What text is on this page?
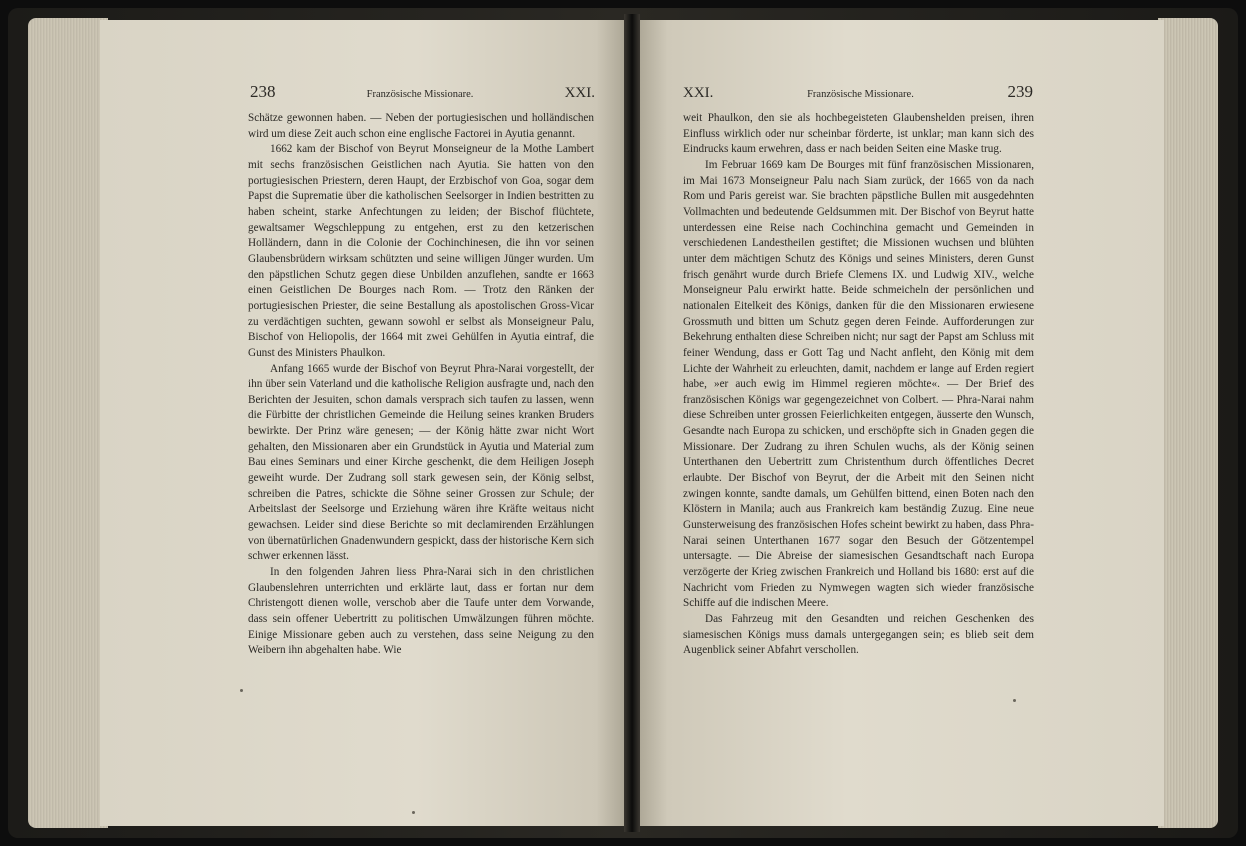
238	Französische Missionare.	XXI.

Schätze gewonnen haben. — Neben der portugiesischen und holländischen wird um diese Zeit auch schon eine englische Factorei in Ayutia genannt.

1662 kam der Bischof von Beyrut Monseigneur de la Mothe Lambert mit sechs französischen Geistlichen nach Ayutia. Sie hatten von den portugiesischen Priestern, deren Haupt, der Erzbischof von Goa, sogar dem Papst die Suprematie über die katholischen Seelsorger in Indien bestritten zu haben scheint, starke Anfechtungen zu leiden; der Bischof flüchtete, gewaltsamer Wegschleppung zu entgehen, erst zu den ketzerischen Holländern, dann in die Colonie der Cochinchinesen, die ihn vor seinen Glaubensbrüdern wirksam schützten und seine willigen Jünger wurden. Um den päpstlichen Schutz gegen diese Unbilden anzuflehen, sandte er 1663 einen Geistlichen De Bourges nach Rom. — Trotz den Ränken der portugiesischen Priester, die seine Bestallung als apostolischen Gross-Vicar zu verdächtigen suchten, gewann sowohl er selbst als Monseigneur Palu, Bischof von Heliopolis, der 1664 mit zwei Gehülfen in Ayutia eintraf, die Gunst des Ministers Phaulkon.

Anfang 1665 wurde der Bischof von Beyrut Phra-Narai vorgestellt, der ihn über sein Vaterland und die katholische Religion ausfragte und, nach den Berichten der Jesuiten, schon damals versprach sich taufen zu lassen, wenn die Fürbitte der christlichen Gemeinde die Heilung seines kranken Bruders bewirkte. Der Prinz wäre genesen; — der König hätte zwar nicht Wort gehalten, den Missionaren aber ein Grundstück in Ayutia und Material zum Bau eines Seminars und einer Kirche geschenkt, die dem Heiligen Joseph geweiht wurde. Der Zudrang soll stark gewesen sein, der König selbst, schreiben die Patres, schickte die Söhne seiner Grossen zur Schule; der Arbeitslast der Seelsorge und Erziehung wären ihre Kräfte weitaus nicht gewachsen. Leider sind diese Berichte so mit declamirenden Erzählungen von übernatürlichen Gnadenwundern gespickt, dass der historische Kern sich schwer erkennen lässt.

In den folgenden Jahren liess Phra-Narai sich in den christlichen Glaubenslehren unterrichten und erklärte laut, dass er fortan nur dem Christengott dienen wolle, verschob aber die Taufe unter dem Vorwande, dass sein offener Uebertritt zu politischen Umwälzungen führen möchte. Einige Missionare geben auch zu verstehen, dass seine Neigung zu den Weibern ihn abgehalten habe. Wie

XXI.	Französische Missionare.	239

weit Phaulkon, den sie als hochbegeisteten Glaubenshelden preisen, ihren Einfluss wirklich oder nur scheinbar förderte, ist unklar; man kann sich des Eindrucks kaum erwehren, dass er nach beiden Seiten eine Maske trug.

Im Februar 1669 kam De Bourges mit fünf französischen Missionaren, im Mai 1673 Monseigneur Palu nach Siam zurück, der 1665 von da nach Rom und Paris gereist war. Sie brachten päpstliche Bullen mit ausgedehnten Vollmachten und bedeutende Geldsummen mit. Der Bischof von Beyrut hatte unterdessen eine Reise nach Cochinchina gemacht und Gemeinden in verschiedenen Landestheilen gestiftet; die Missionen wuchsen und blühten unter dem mächtigen Schutz des Königs und seines Ministers, deren Gunst frisch genährt wurde durch Briefe Clemens IX. und Ludwig XIV., welche Monseigneur Palu erwirkt hatte. Beide schmeicheln der persönlichen und nationalen Eitelkeit des Königs, danken für die den Missionaren erwiesene Grossmuth und bitten um Schutz gegen deren Feinde. Aufforderungen zur Bekehrung enthalten diese Schreiben nicht; nur sagt der Papst am Schluss mit feiner Wendung, dass er Gott Tag und Nacht anfleht, den König mit dem Lichte der Wahrheit zu erleuchten, damit, nachdem er lange auf Erden regiert habe, »er auch ewig im Himmel regieren möchte«. — Der Brief des französischen Königs war gegengezeichnet von Colbert. — Phra-Narai nahm diese Schreiben unter grossen Feierlichkeiten entgegen, äusserte den Wunsch, Gesandte nach Europa zu schicken, und erschöpfte sich in Gnaden gegen die Missionare. Der Zudrang zu ihren Schulen wuchs, als der König seinen Unterthanen den Uebertritt zum Christenthum durch öffentliches Decret erlaubte. Der Bischof von Beyrut, der die Arbeit mit den Seinen nicht zwingen konnte, sandte damals, um Gehülfen bittend, einen Boten nach den Klöstern in Manila; auch aus Frankreich kam beständig Zuzug. Eine neue Gunsterweisung des französischen Hofes scheint bewirkt zu haben, dass Phra-Narai seinen Unterthanen 1677 sogar den Besuch der Götzentempel untersagte. — Die Abreise der siamesischen Gesandtschaft nach Europa verzögerte der Krieg zwischen Frankreich und Holland bis 1680: erst auf die Nachricht vom Frieden zu Nymwegen wagten sich wieder französische Schiffe auf die indischen Meere.

Das Fahrzeug mit den Gesandten und reichen Geschenken des siamesischen Königs muss damals untergegangen sein; es blieb seit dem Augenblick seiner Abfahrt verschollen.
